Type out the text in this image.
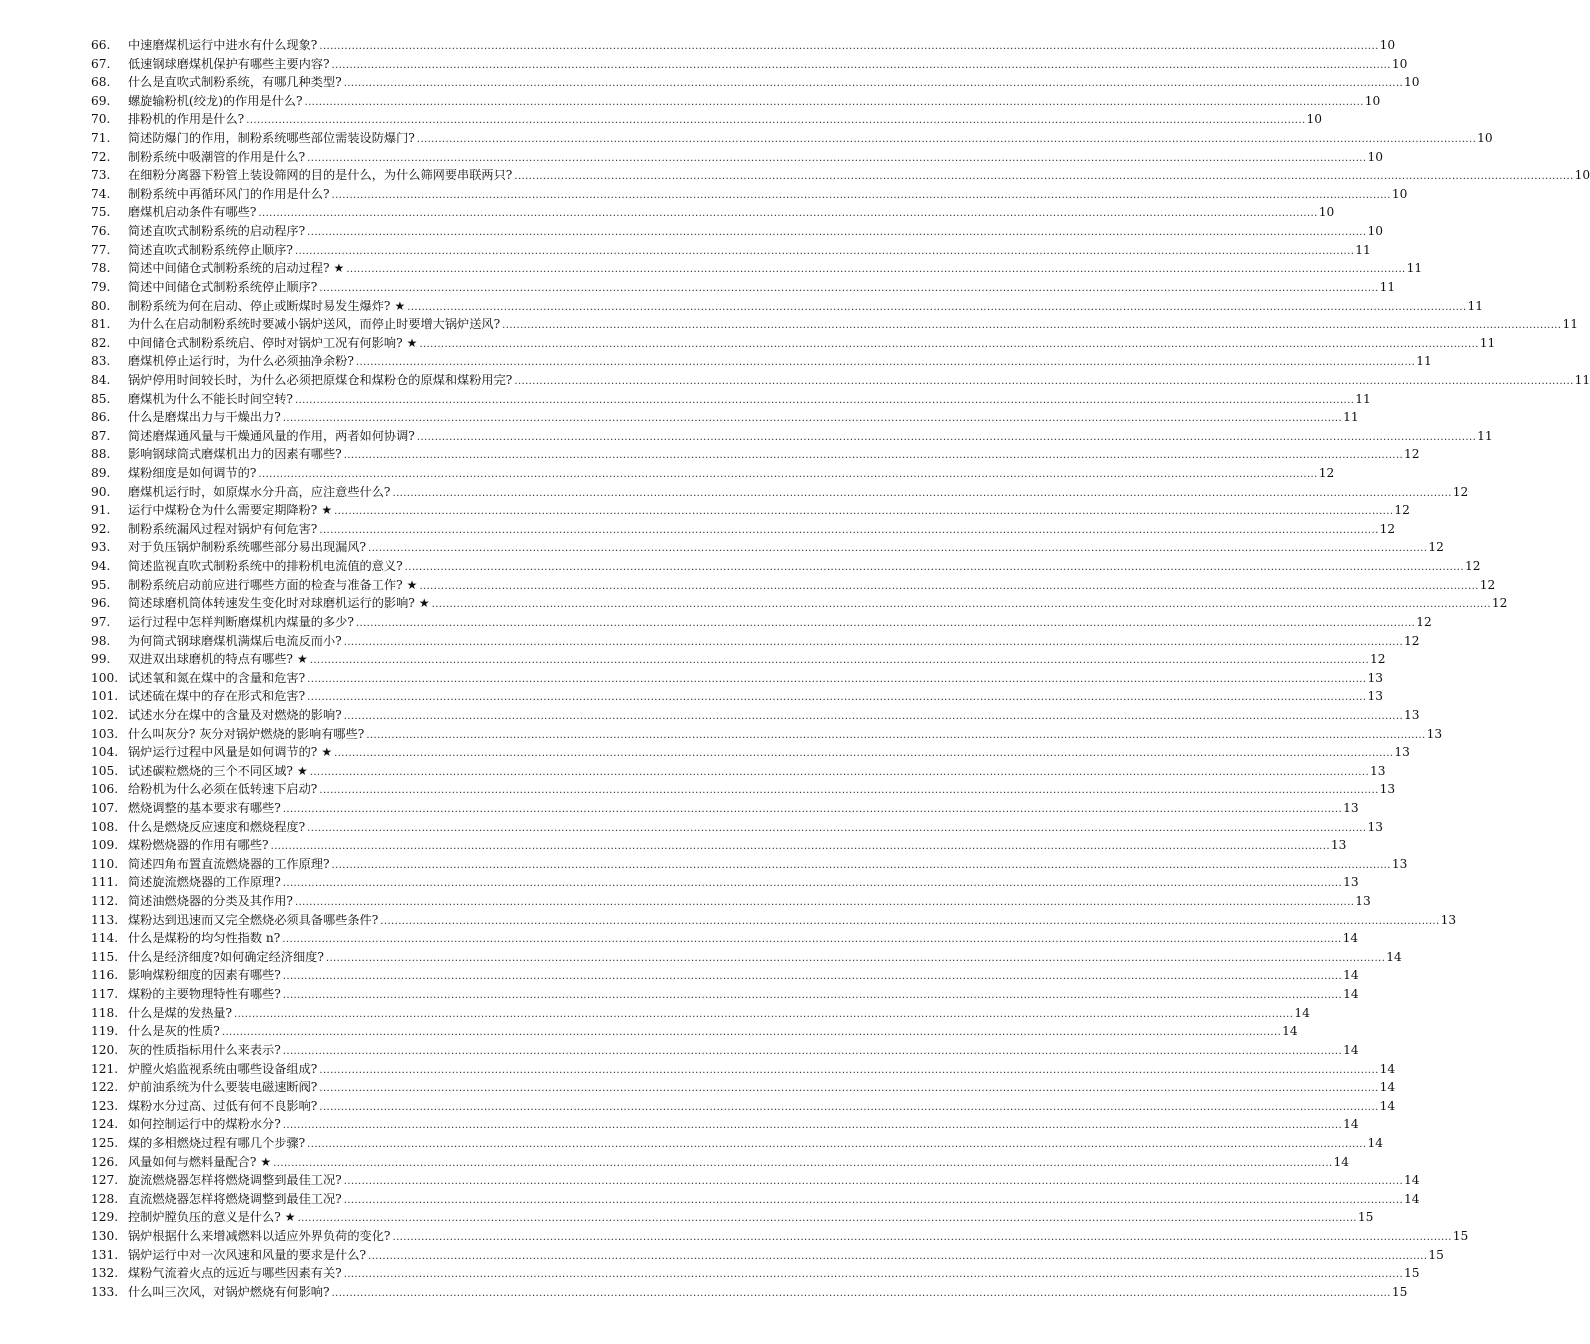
66.	中速磨煤机运行中进水有什么现象? .....	10
67.	低速钢球磨煤机保护有哪些主要内容? .....	10
68.	什么是直吹式制粉系统，有哪几种类型? .....	10
69.	螺旋输粉机(绞龙)的作用是什么? .....	10
70.	排粉机的作用是什么? .....	10
71.	简述防爆门的作用，制粉系统哪些部位需装设防爆门? .....	10
72.	制粉系统中吸潮管的作用是什么? .....	10
73.	在细粉分离器下粉管上装设筛网的目的是什么，为什么筛网要串联两只? .....	10
74.	制粉系统中再循环风门的作用是什么? .....	10
75.	磨煤机启动条件有哪些? .....	10
76.	简述直吹式制粉系统的启动程序? .....	10
77.	简述直吹式制粉系统停止顺序? .....	11
78.	简述中间储仓式制粉系统的启动过程? ★ .....	11
79.	简述中间储仓式制粉系统停止顺序? .....	11
80.	制粉系统为何在启动、停止或断煤时易发生爆炸? ★ .....	11
81.	为什么在启动制粉系统时要减小锅炉送风，而停止时要增大锅炉送风? .....	11
82.	中间储仓式制粉系统启、停时对锅炉工况有何影响? ★ .....	11
83.	磨煤机停止运行时，为什么必须抽净余粉? .....	11
84.	锅炉停用时间较长时，为什么必须把原煤仓和煤粉仓的原煤和煤粉用完? .....	11
85.	磨煤机为什么不能长时间空转? .....	11
86.	什么是磨煤出力与干燥出力? .....	11
87.	简述磨煤通风量与干燥通风量的作用，两者如何协调? .....	11
88.	影响钢球筒式磨煤机出力的因素有哪些? .....	12
89.	煤粉细度是如何调节的? .....	12
90.	磨煤机运行时，如原煤水分升高，应注意些什么? .....	12
91.	运行中煤粉仓为什么需要定期降粉? ★ .....	12
92.	制粉系统漏风过程对锅炉有何危害? .....	12
93.	对于负压锅炉制粉系统哪些部分易出现漏风? .....	12
94.	简述监视直吹式制粉系统中的排粉机电流值的意义? .....	12
95.	制粉系统启动前应进行哪些方面的检查与准备工作? ★ .....	12
96.	简述球磨机筒体转速发生变化时对球磨机运行的影响? ★ .....	12
97.	运行过程中怎样判断磨煤机内煤量的多少? .....	12
98.	为何筒式钢球磨煤机满煤后电流反而小? .....	12
99.	双进双出球磨机的特点有哪些? ★ .....	12
100. 试述氧和氮在煤中的含量和危害? .....	13
101. 试述硫在煤中的存在形式和危害? .....	13
102. 试述水分在煤中的含量及对燃烧的影响? .....	13
103. 什么叫灰分? 灰分对锅炉燃烧的影响有哪些? .....	13
104. 锅炉运行过程中风量是如何调节的? ★ .....	13
105. 试述碳粒燃烧的三个不同区域? ★ .....	13
106. 给粉机为什么必须在低转速下启动? .....	13
107. 燃烧调整的基本要求有哪些? .....	13
108. 什么是燃烧反应速度和燃烧程度? .....	13
109. 煤粉燃烧器的作用有哪些? .....	13
110. 简述四角布置直流燃烧器的工作原理? .....	13
111. 简述旋流燃烧器的工作原理? .....	13
112. 简述油燃烧器的分类及其作用? .....	13
113. 煤粉达到迅速而又完全燃烧必须具备哪些条件? .....	13
114. 什么是煤粉的均匀性指数 n? .....	14
115. 什么是经济细度?如何确定经济细度? .....	14
116. 影响煤粉细度的因素有哪些? .....	14
117. 煤粉的主要物理特性有哪些? .....	14
118. 什么是煤的发热量? .....	14
119. 什么是灰的性质? .....	14
120. 灰的性质指标用什么来表示? .....	14
121. 炉膛火焰监视系统由哪些设备组成? .....	14
122. 炉前油系统为什么要装电磁速断阀? .....	14
123. 煤粉水分过高、过低有何不良影响? .....	14
124. 如何控制运行中的煤粉水分? .....	14
125. 煤的多相燃烧过程有哪几个步骤? .....	14
126. 风量如何与燃料量配合? ★ .....	14
127. 旋流燃烧器怎样将燃烧调整到最佳工况? .....	14
128. 直流燃烧器怎样将燃烧调整到最佳工况? .....	14
129. 控制炉膛负压的意义是什么? ★ .....	15
130. 锅炉根据什么来增减燃料以适应外界负荷的变化? .....	15
131. 锅炉运行中对一次风速和风量的要求是什么? .....	15
132. 煤粉气流着火点的远近与哪些因素有关? .....	15
133. 什么叫三次风，对锅炉燃烧有何影响? .....	15
